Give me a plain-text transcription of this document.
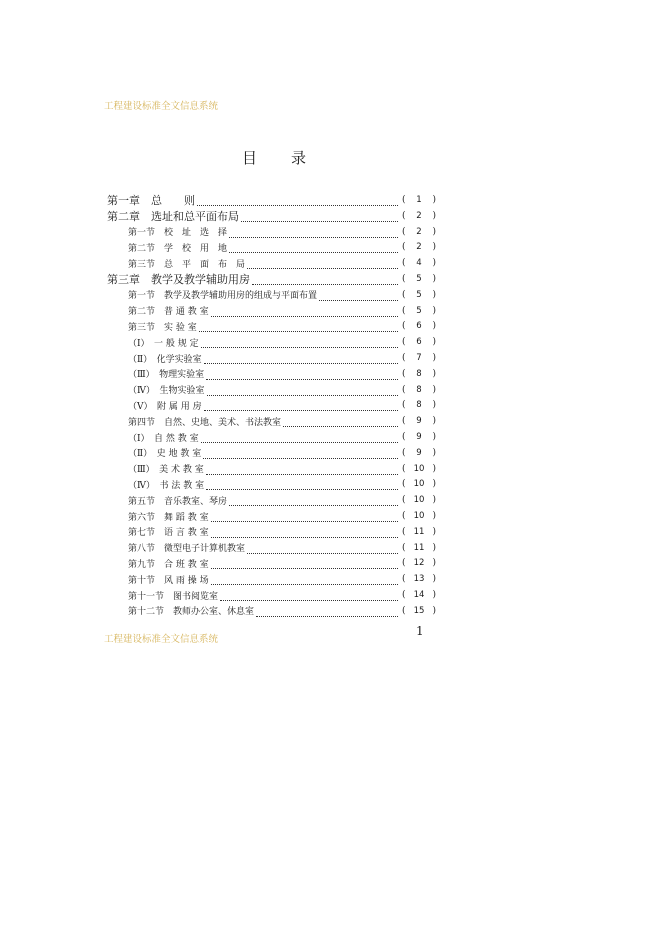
工程建设标准全文信息系统
目 录
第一章　总　　则	(	1	)
第二章　选址和总平面布局	(	2	)
第一节　校　址　选　择	(	2	)
第二节　学　校　用　地	(	2	)
第三节　总　平　面　布　局	(	4	)
第三章　教学及教学辅助用房	(	5	)
第一节　教学及教学辅助用房的组成与平面布置	(	5	)
第二节　普 通 教 室	(	5	)
第三节　实 验 室	(	6	)
（Ⅰ）　一 般 规 定	(	6	)
（Ⅱ）　化学实验室	(	7	)
（Ⅲ）　物理实验室	(	8	)
（Ⅳ）　生物实验室	(	8	)
（Ⅴ）　附 属 用 房	(	8	)
第四节　自然、史地、美术、书法教室	(	9	)
（Ⅰ）　自 然 教 室	(	9	)
（Ⅱ）　史 地 教 室	(	9	)
（Ⅲ）　美 术 教 室	( 10 )
（Ⅳ）　书 法 教 室	( 10 )
第五节　音乐教室、琴房	( 10 )
第六节　舞 蹈 教 室	( 10 )
第七节　语 言 教 室	( 11 )
第八节　微型电子计算机教室	( 11 )
第九节　合 班 教 室	( 12 )
第十节　风 雨 操 场	( 13 )
第十一节　图书阅览室	( 14 )
第十二节　教师办公室、休息室	( 15 )
工程建设标准全文信息系统
1
